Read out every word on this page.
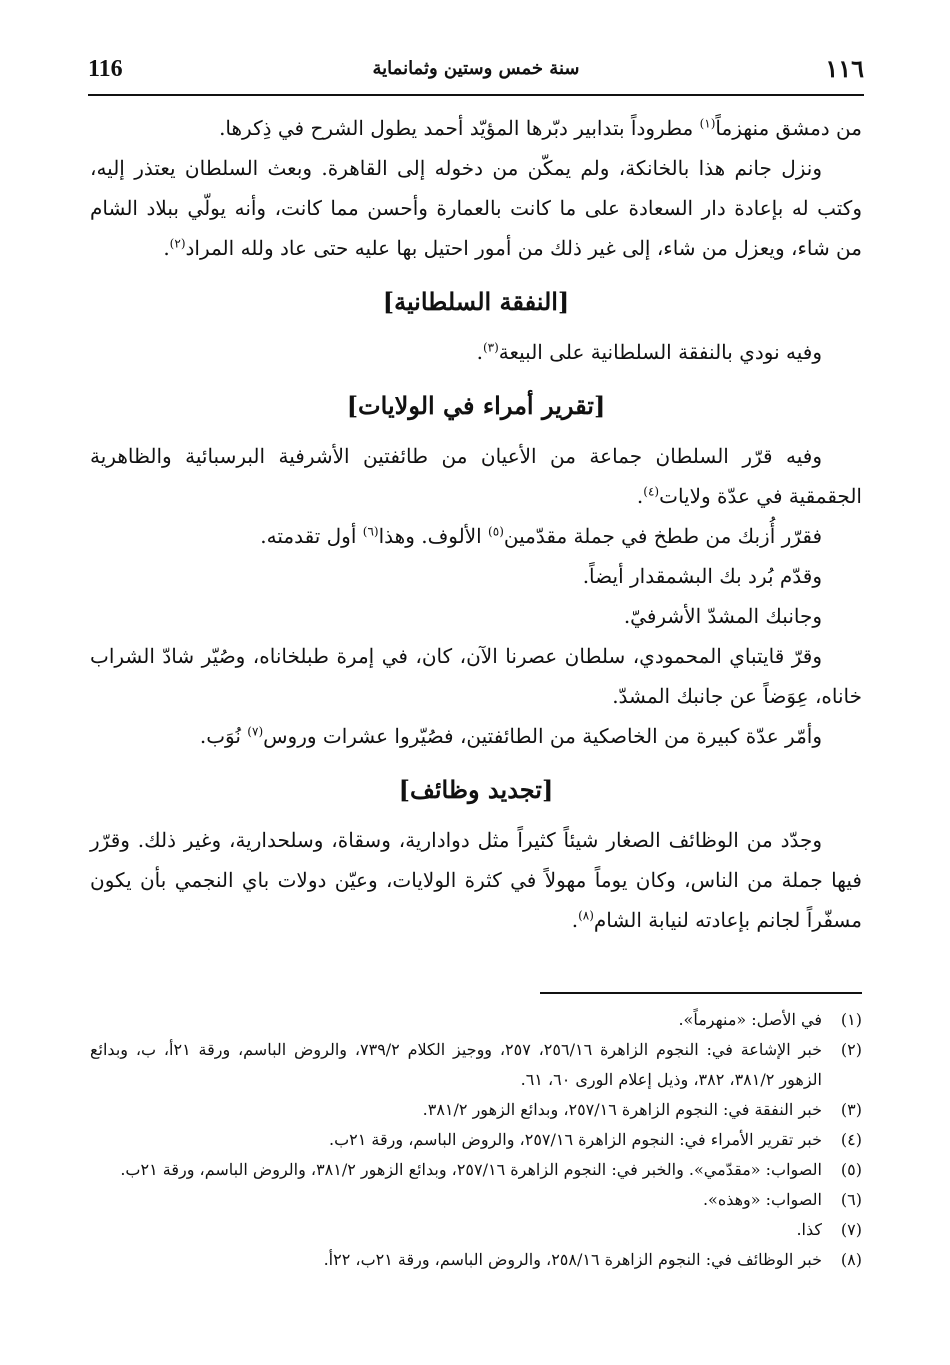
116	سنة خمس وستين وثمانماية	١١٦

من دمشق منهزماً$^{(١)}$ مطروداً بتدابير دبّرها المؤيّد أحمد يطول الشرح في ذِكرها.

ونزل جانم هذا بالخانكة، ولم يمكّن من دخوله إلى القاهرة. وبعث السلطان يعتذر إليه، وكتب له بإعادة دار السعادة على ما كانت بالعمارة وأحسن مما كانت، وأنه يولّي ببلاد الشام من شاء، ويعزل من شاء، إلى غير ذلك من أمور احتيل بها عليه حتى عاد ولله المراد$^{(٢)}$.

[النفقة السلطانية]

وفيه نودي بالنفقة السلطانية على البيعة$^{(٣)}$.

[تقرير أمراء في الولايات]

وفيه قرّر السلطان جماعة من الأعيان من طائفتين الأشرفية البرسبائية والظاهرية الجقمقية في عدّة ولايات$^{(٤)}$.

فقرّر أُزبك من ططخ في جملة مقدّمين$^{(٥)}$ الألوف. وهذا$^{(٦)}$ أول تقدمته.

وقدّم بُرد بك البشمقدار أيضاً.

وجانبك المشدّ الأشرفيّ.

وقرّ قايتباي المحمودي، سلطان عصرنا الآن، كان، في إمرة طبلخاناه، وصُيّر شادّ الشراب خاناه، عِوَضاً عن جانبك المشدّ.

وأمّر عدّة كبيرة من الخاصكية من الطائفتين، فصُيّروا عشرات وروس$^{(٧)}$ نُوَب.

[تجديد وظائف]

وجدّد من الوظائف الصغار شيئاً كثيراً مثل دوادارية، وسقاة، وسلحدارية، وغير ذلك. وقرّر فيها جملة من الناس، وكان يوماً مهولاً في كثرة الولايات، وعيّن دولات باي النجمي بأن يكون مسفّراً لجانم بإعادته لنيابة الشام$^{(٨)}$.

(١)
في الأصل: «منهرماً».
(٢)
خبر الإشاعة في: النجوم الزاهرة ٢٥٦/١٦، ٢٥٧، ووجيز الكلام ٧٣٩/٢، والروض الباسم، ورقة ٢١أ، ب، وبدائع الزهور ٣٨١/٢، ٣٨٢، وذيل إعلام الورى ٦٠، ٦١.
(٣)
خبر النفقة في: النجوم الزاهرة ٢٥٧/١٦، وبدائع الزهور ٣٨١/٢.
(٤)
خبر تقرير الأمراء في: النجوم الزاهرة ٢٥٧/١٦، والروض الباسم، ورقة ٢١ب.
(٥)
الصواب: «مقدّمي». والخبر في: النجوم الزاهرة ٢٥٧/١٦، وبدائع الزهور ٣٨١/٢، والروض الباسم، ورقة ٢١ب.
(٦)
الصواب: «وهذه».
(٧)
كذا.
(٨)
خبر الوظائف في: النجوم الزاهرة ٢٥٨/١٦، والروض الباسم، ورقة ٢١ب، ٢٢أ.
